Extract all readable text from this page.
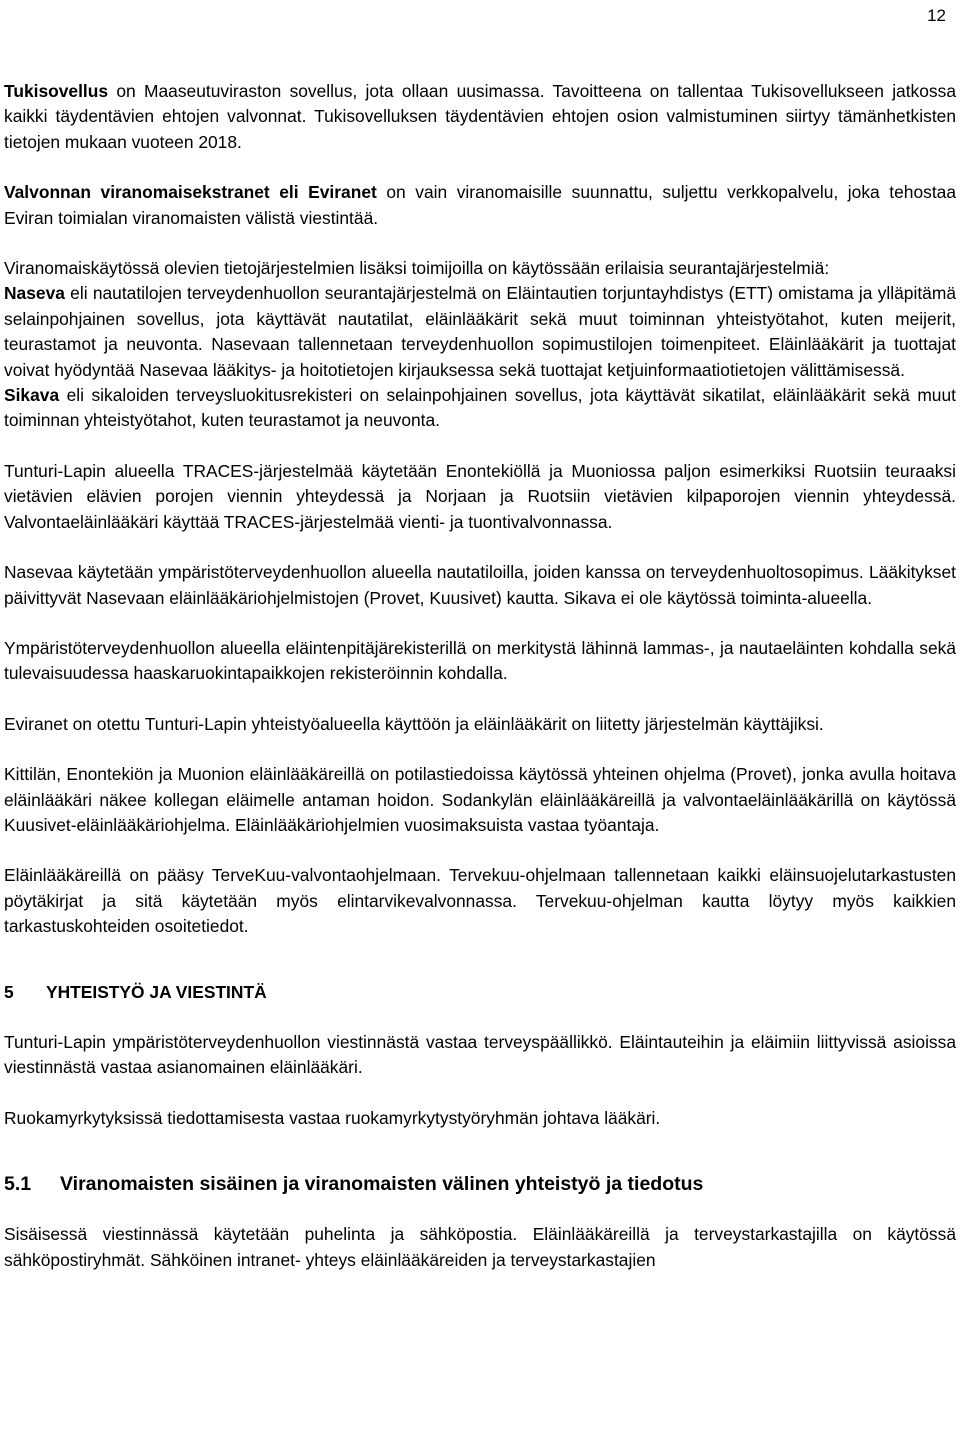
12

Tukisovellus on Maaseutuviraston sovellus, jota ollaan uusimassa. Tavoitteena on tallentaa Tukisovellukseen jatkossa kaikki täydentävien ehtojen valvonnat. Tukisovelluksen täydentävien ehtojen osion valmistuminen siirtyy tämänhetkisten tietojen mukaan vuoteen 2018.

Valvonnan viranomaisekstranet eli Eviranet on vain viranomaisille suunnattu, suljettu verkkopalvelu, joka tehostaa Eviran toimialan viranomaisten välistä viestintää.

Viranomaiskäytössä olevien tietojärjestelmien lisäksi toimijoilla on käytössään erilaisia seurantajärjestelmiä:
Naseva eli nautatilojen terveydenhuollon seurantajärjestelmä on Eläintautien torjuntayhdistys (ETT) omistama ja ylläpitämä selainpohjainen sovellus, jota käyttävät nautatilat, eläinlääkärit sekä muut toiminnan yhteistyötahot, kuten meijerit, teurastamot ja neuvonta. Nasevaan tallennetaan terveydenhuollon sopimustilojen toimenpiteet. Eläinlääkärit ja tuottajat voivat hyödyntää Nasevaa lääkitys- ja hoitotietojen kirjauksessa sekä tuottajat ketjuinformaatiotietojen välittämisessä.
Sikava eli sikaloiden terveysluokitusrekisteri on selainpohjainen sovellus, jota käyttävät sikatilat, eläinlääkärit sekä muut toiminnan yhteistyötahot, kuten teurastamot ja neuvonta.

Tunturi-Lapin alueella TRACES-järjestelmää käytetään Enontekiöllä ja Muoniossa paljon esimerkiksi Ruotsiin teuraaksi vietävien elävien porojen viennin yhteydessä ja Norjaan ja Ruotsiin vietävien kilpaporojen viennin yhteydessä. Valvontaeläinlääkäri käyttää TRACES-järjestelmää vienti- ja tuontivalvonnassa.

Nasevaa käytetään ympäristöterveydenhuollon alueella nautatiloilla, joiden kanssa on terveydenhuoltosopimus. Lääkitykset päivittyvät Nasevaan eläinlääkäriohjelmistojen (Provet, Kuusivet) kautta. Sikava ei ole käytössä toiminta-alueella.

Ympäristöterveydenhuollon alueella eläintenpitäjärekisterillä on merkitystä lähinnä lammas-, ja nautaeläinten kohdalla sekä tulevaisuudessa haaskaruokintapaikkojen rekisteröinnin kohdalla.

Eviranet on otettu Tunturi-Lapin yhteistyöalueella käyttöön ja eläinlääkärit on liitetty järjestelmän käyttäjiksi.

Kittilän, Enontekiön ja Muonion eläinlääkäreillä on potilastiedoissa käytössä yhteinen ohjelma (Provet), jonka avulla hoitava eläinlääkäri näkee kollegan eläimelle antaman hoidon. Sodankylän eläinlääkäreillä ja valvontaeläinlääkärillä on käytössä Kuusivet-eläinlääkäriohjelma. Eläinlääkäriohjelmien vuosimaksuista vastaa työantaja.

Eläinlääkäreillä on pääsy TerveKuu-valvontaohjelmaan. Tervekuu-ohjelmaan tallennetaan kaikki eläinsuojelutarkastusten pöytäkirjat ja sitä käytetään myös elintarvikevalvonnassa. Tervekuu-ohjelman kautta löytyy myös kaikkien tarkastuskohteiden osoitetiedot.

5 YHTEISTYÖ JA VIESTINTÄ

Tunturi-Lapin ympäristöterveydenhuollon viestinnästä vastaa terveyspäällikkö. Eläintauteihin ja eläimiin liittyvissä asioissa viestinnästä vastaa asianomainen eläinlääkäri.

Ruokamyrkytyksissä tiedottamisesta vastaa ruokamyrkytystyöryhmän johtava lääkäri.

5.1 Viranomaisten sisäinen ja viranomaisten välinen yhteistyö ja tiedotus

Sisäisessä viestinnässä käytetään puhelinta ja sähköpostia. Eläinlääkäreillä ja terveystarkastajilla on käytössä sähköpostiryhmät. Sähköinen intranet- yhteys eläinlääkäreiden ja terveystarkastajien
